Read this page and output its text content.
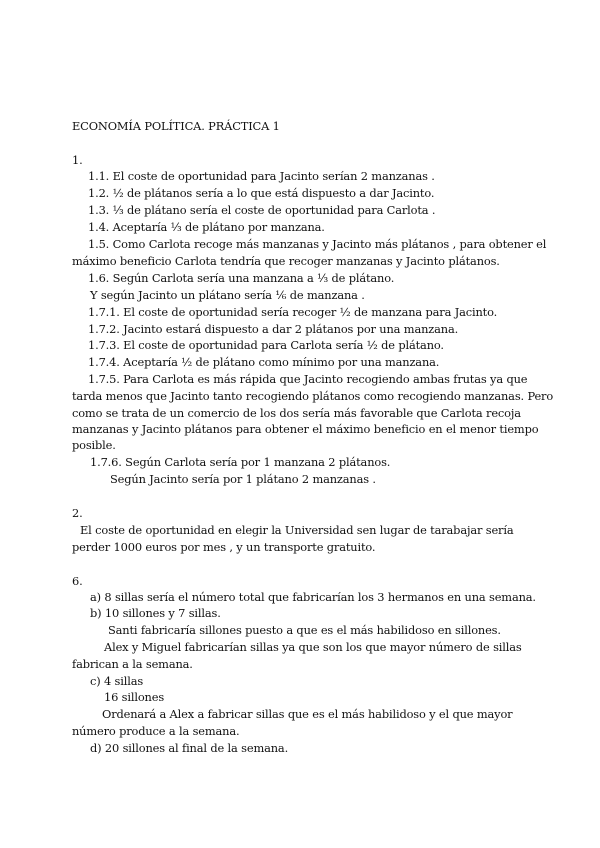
ECONOMÍA POLÍTICA. PRÁCTICA 1
1.
1.1. El coste de oportunidad para Jacinto serían 2 manzanas .
1.2. ½ de plátanos sería a lo que está dispuesto a dar Jacinto.
1.3. ⅓ de plátano sería el coste de oportunidad para Carlota .
1.4. Aceptaría ⅓ de plátano por manzana.
1.5. Como Carlota recoge más manzanas y Jacinto más plátanos , para obtener el
máximo beneficio Carlota tendría que recoger manzanas y Jacinto plátanos.
1.6. Según Carlota sería una manzana a ⅓ de plátano.
Y según Jacinto un plátano sería ⅙ de manzana .
1.7.1. El coste de oportunidad sería recoger ½ de manzana para Jacinto.
1.7.2. Jacinto estará dispuesto a dar 2 plátanos por una manzana.
1.7.3. El coste de oportunidad para Carlota sería ½ de plátano.
1.7.4. Aceptaría ½ de plátano como mínimo por una manzana.
1.7.5. Para Carlota es más rápida que Jacinto recogiendo ambas frutas ya que
tarda menos que Jacinto tanto recogiendo plátanos como recogiendo manzanas. Pero
como se trata de un comercio de los dos sería más favorable que Carlota recoja
manzanas y Jacinto plátanos para obtener el máximo beneficio en el menor tiempo
posible.
1.7.6. Según Carlota sería por 1 manzana 2 plátanos.
Según Jacinto sería por 1 plátano 2 manzanas .
2.
El coste de oportunidad en elegir la Universidad sen lugar de tarabajar sería
perder 1000 euros por mes , y un transporte gratuito.
6.
a) 8 sillas sería el número total que fabricarían los 3 hermanos en una semana.
b) 10 sillones y 7 sillas.
Santi fabricaría sillones puesto a que es el más habilidoso en sillones.
Alex y Miguel fabricarían sillas ya que son los que mayor número de sillas
fabrican a la semana.
c) 4 sillas
16 sillones
Ordenará a Alex a fabricar sillas que es el más habilidoso y el que mayor
número produce a la semana.
d) 20 sillones al final de la semana.
